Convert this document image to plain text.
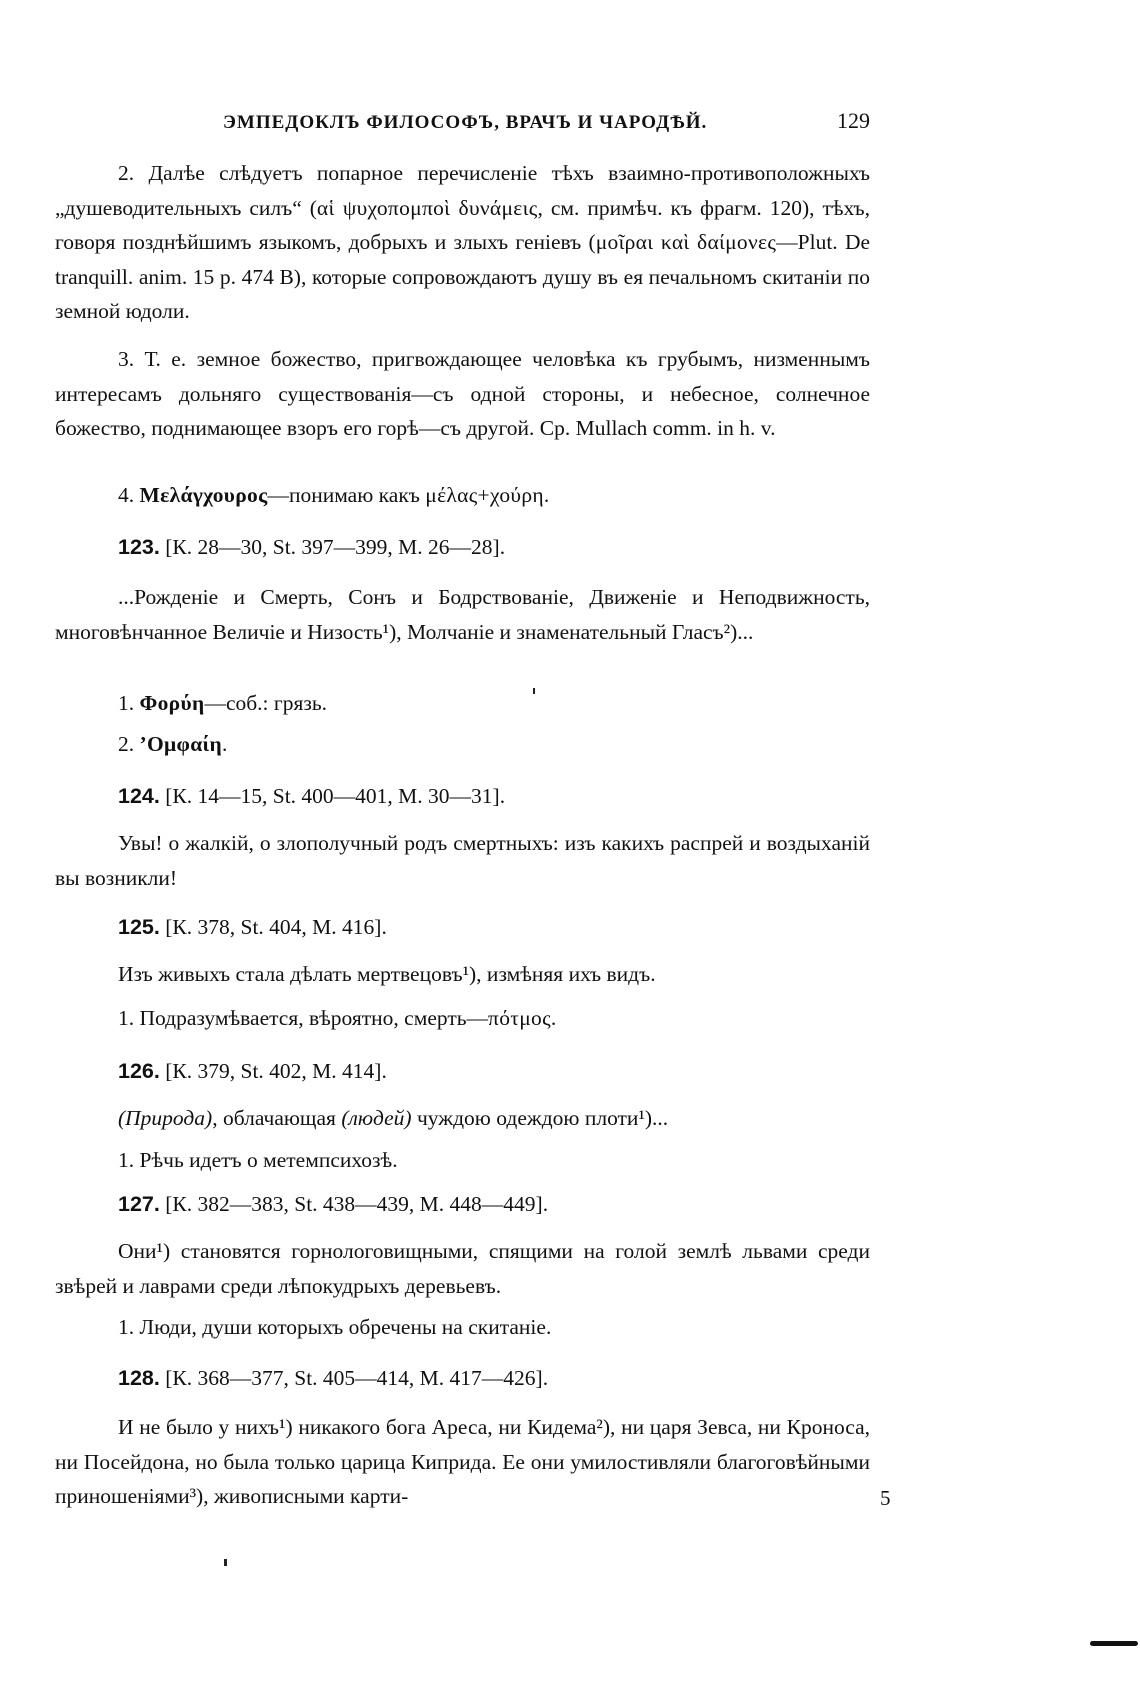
ЭМПЕДОКЛЪ ФИЛОСОФЪ, ВРАЧЪ И ЧАРОДѢЙ.	129

2. Далѣе слѣдуетъ попарное перечисленіе тѣхъ взаимно-противоположныхъ „душеводительныхъ силъ“ (αἱ ψυχοπομποὶ δυνάμεις, см. примѣч. къ фрагм. 120), тѣхъ, говоря позднѣйшимъ языкомъ, добрыхъ и злыхъ геніевъ (μοῖραι καὶ δαίμονες—Plut. De tranquill. anim. 15 p. 474 B), которые сопровождаютъ душу въ ея печальномъ скитаніи по земной юдоли.

3. Т. е. земное божество, пригвождающее человѣка къ грубымъ, низменнымъ интересамъ дольняго существованія—съ одной стороны, и небесное, солнечное божество, поднимающее взоръ его горѣ—съ другой. Ср. Mullach comm. in h. v.

4. Μελάγχουρος—понимаю какъ μέλας+χούρη.
123. [К. 28—30, St. 397—399, М. 26—28].

...Рожденіе и Смерть, Сонъ и Бодрствованіе, Движеніе и Неподвижность, многовѣнчанное Величіе и Низость¹), Молчаніе и знаменательный Гласъ²)...

1. Φορύη—соб.: грязь.
2. ’Ομφαίη.
124. [К. 14—15, St. 400—401, М. 30—31].

Увы! о жалкій, о злополучный родъ смертныхъ: изъ какихъ распрей и воздыханій вы возникли!

125. [К. 378, St. 404, М. 416].

Изъ живыхъ стала дѣлать мертвецовъ¹), измѣняя ихъ видъ.

1. Подразумѣвается, вѣроятно, смерть—πότμος.
126. [К. 379, St. 402, М. 414].

(Природа), облачающая (людей) чуждою одеждою плоти¹)...

1. Рѣчь идетъ о метемпсихозѣ.
127. [К. 382—383, St. 438—439, М. 448—449].

Они¹) становятся горнологовищными, спящими на голой землѣ львами среди звѣрей и лаврами среди лѣпокудрыхъ деревьевъ.

1. Люди, души которыхъ обречены на скитаніе.
128. [К. 368—377, St. 405—414, М. 417—426].

И не было у нихъ¹) никакого бога Ареса, ни Кидема²), ни царя Зевса, ни Кроноса, ни Посейдона, но была только царица Киприда. Ее они умилостивляли благоговѣйными приношеніями³), живописными карти-	5
